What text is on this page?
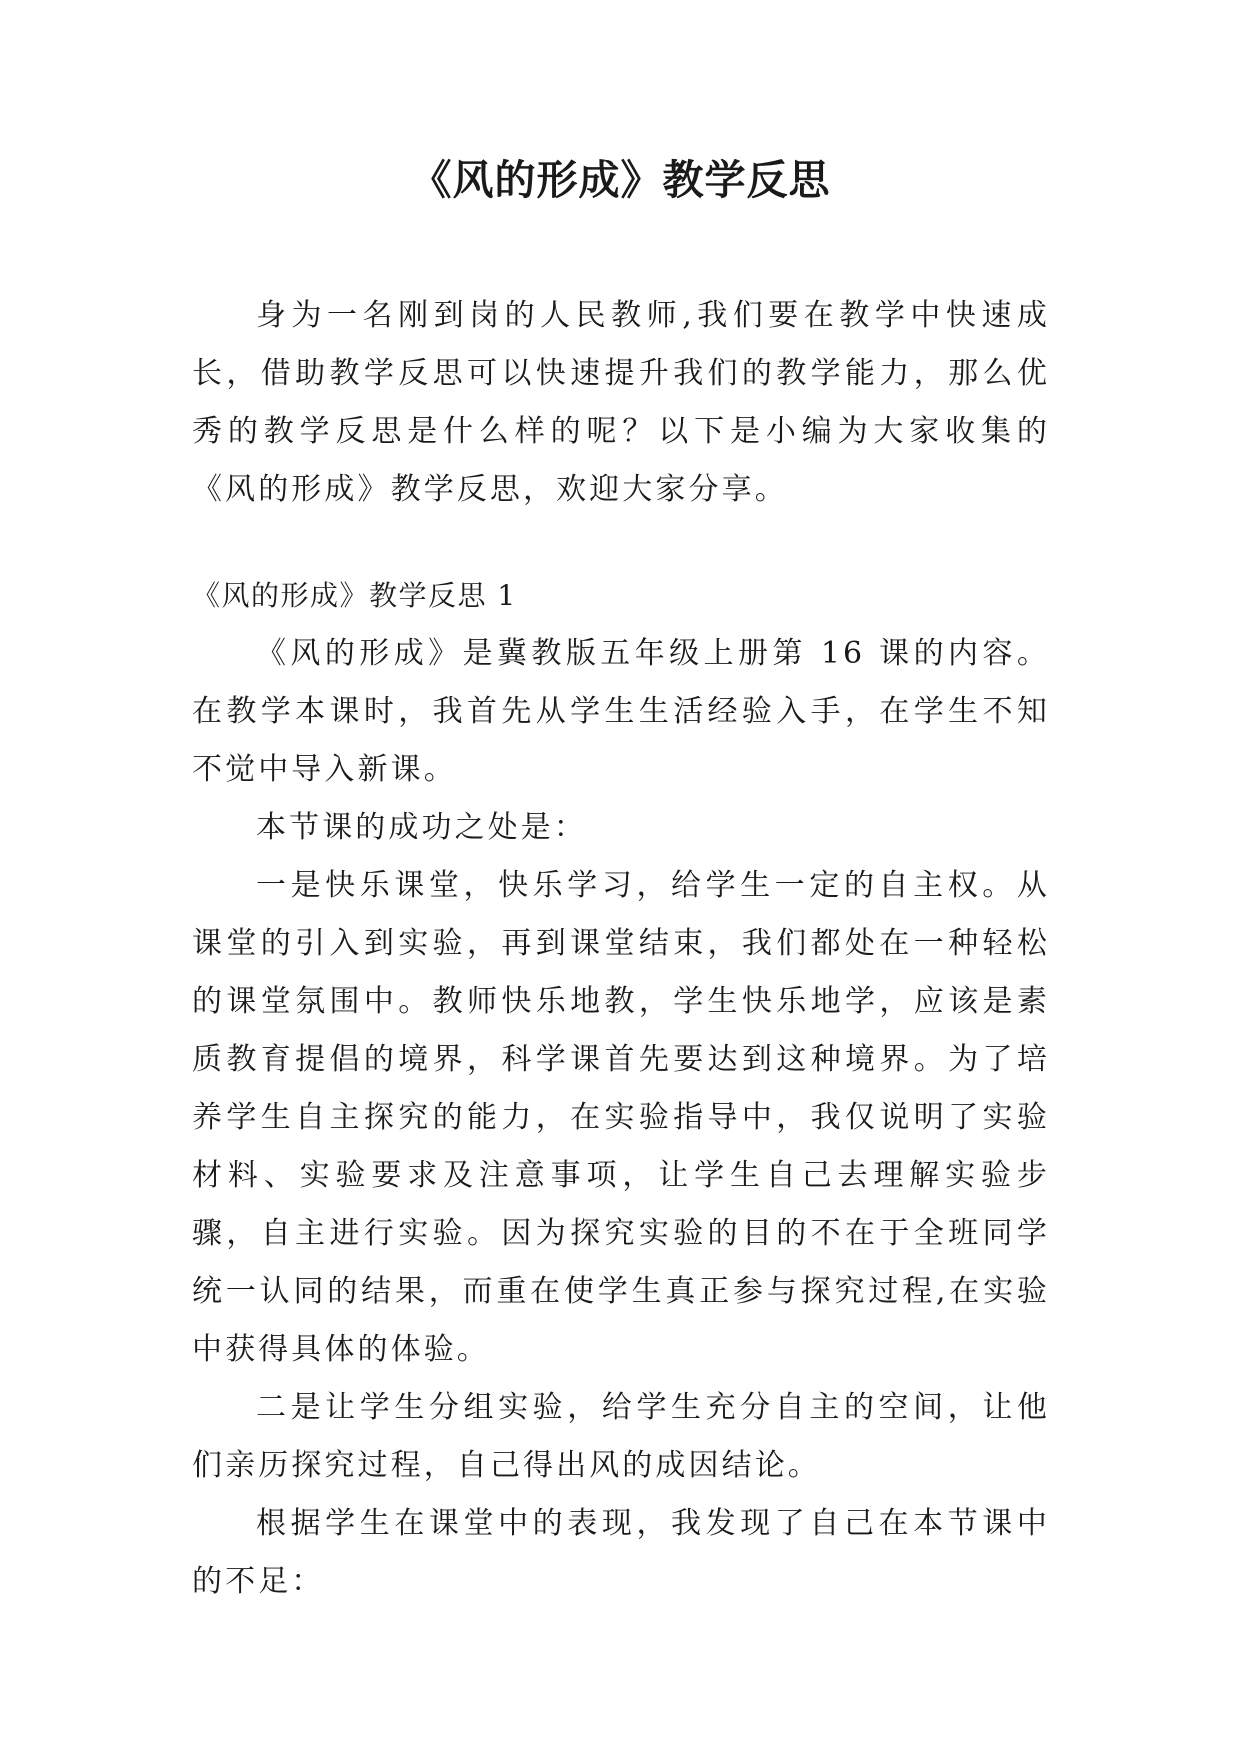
《风的形成》教学反思

身为一名刚到岗的人民教师,我们要在教学中快速成长，借助教学反思可以快速提升我们的教学能力，那么优秀的教学反思是什么样的呢？以下是小编为大家收集的《风的形成》教学反思，欢迎大家分享。

《风的形成》教学反思 1

《风的形成》是冀教版五年级上册第 16 课的内容。在教学本课时，我首先从学生生活经验入手，在学生不知不觉中导入新课。

本节课的成功之处是：

一是快乐课堂，快乐学习，给学生一定的自主权。从课堂的引入到实验，再到课堂结束，我们都处在一种轻松的课堂氛围中。教师快乐地教，学生快乐地学，应该是素质教育提倡的境界，科学课首先要达到这种境界。为了培养学生自主探究的能力，在实验指导中，我仅说明了实验材料、实验要求及注意事项，让学生自己去理解实验步骤，自主进行实验。因为探究实验的目的不在于全班同学统一认同的结果，而重在使学生真正参与探究过程,在实验中获得具体的体验。

二是让学生分组实验，给学生充分自主的空间，让他们亲历探究过程，自己得出风的成因结论。

根据学生在课堂中的表现，我发现了自己在本节课中的不足：
